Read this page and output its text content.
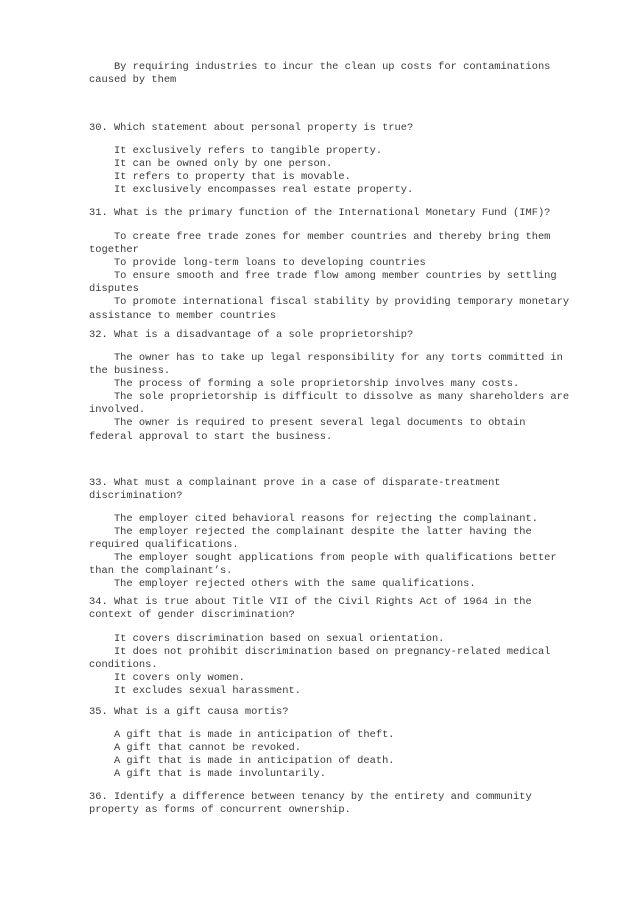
By requiring industries to incur the clean up costs for contaminations
caused by them
30. Which statement about personal property is true?
It exclusively refers to tangible property.
It can be owned only by one person.
It refers to property that is movable.
It exclusively encompasses real estate property.
31. What is the primary function of the International Monetary Fund (IMF)?
To create free trade zones for member countries and thereby bring them
together
To provide long-term loans to developing countries
To ensure smooth and free trade flow among member countries by settling
disputes
To promote international fiscal stability by providing temporary monetary
assistance to member countries
32. What is a disadvantage of a sole proprietorship?
The owner has to take up legal responsibility for any torts committed in
the business.
The process of forming a sole proprietorship involves many costs.
The sole proprietorship is difficult to dissolve as many shareholders are
involved.
The owner is required to present several legal documents to obtain
federal approval to start the business.
33. What must a complainant prove in a case of disparate-treatment
discrimination?
The employer cited behavioral reasons for rejecting the complainant.
The employer rejected the complainant despite the latter having the
required qualifications.
The employer sought applications from people with qualifications better
than the complainant’s.
The employer rejected others with the same qualifications.
34. What is true about Title VII of the Civil Rights Act of 1964 in the
context of gender discrimination?
It covers discrimination based on sexual orientation.
It does not prohibit discrimination based on pregnancy-related medical
conditions.
It covers only women.
It excludes sexual harassment.
35. What is a gift causa mortis?
A gift that is made in anticipation of theft.
A gift that cannot be revoked.
A gift that is made in anticipation of death.
A gift that is made involuntarily.
36. Identify a difference between tenancy by the entirety and community
property as forms of concurrent ownership.
